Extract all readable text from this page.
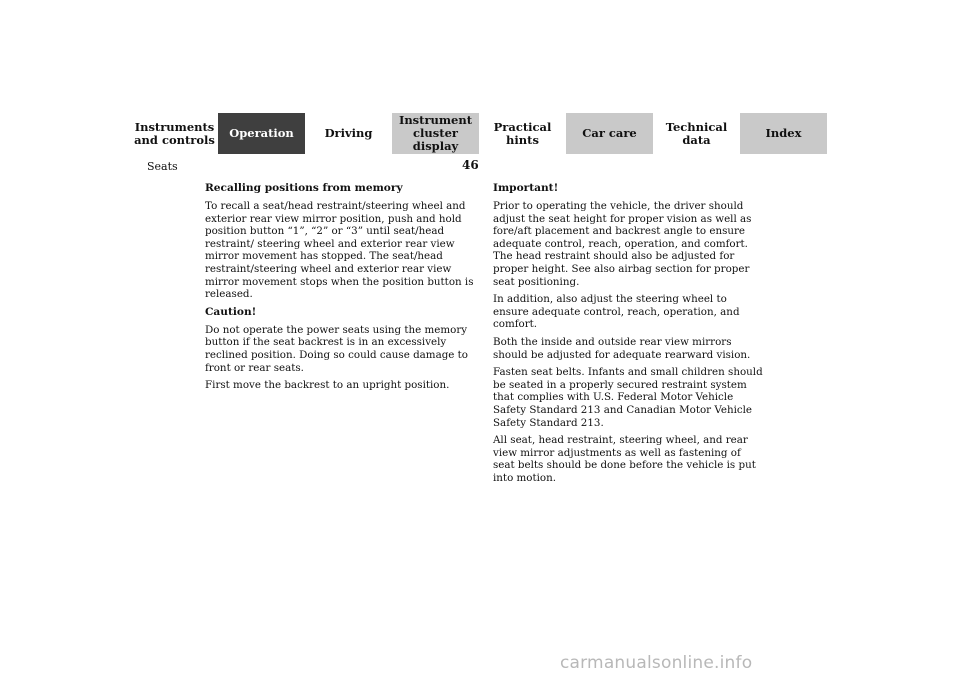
Instruments
and controls Operation	Driving
Instrument
cluster display
Practical hints	Car care	Technical
data	Index
Seats	46
Recalling positions from memory

To recall a seat/head restraint/steering wheel and exterior rear view mirror position, push and hold position button “1”, “2” or “3” until seat/head restraint/ steering wheel and exterior rear view mirror movement has stopped. The seat/head restraint/steering wheel and exterior rear view mirror movement stops when the position button is released.

Caution!

Do not operate the power seats using the memory button if the seat backrest is in an excessively reclined position. Doing so could cause damage to front or rear seats.

First move the backrest to an upright position.

Important!

Prior to operating the vehicle, the driver should adjust the seat height for proper vision as well as fore/aft placement and backrest angle to ensure adequate control, reach, operation, and comfort. The head restraint should also be adjusted for proper height. See also airbag section for proper seat positioning.

In addition, also adjust the steering wheel to ensure adequate control, reach, operation, and comfort.

Both the inside and outside rear view mirrors should be adjusted for adequate rearward vision.

Fasten seat belts. Infants and small children should be seated in a properly secured restraint system that complies with U.S. Federal Motor Vehicle Safety Standard 213 and Canadian Motor Vehicle Safety Standard 213.

All seat, head restraint, steering wheel, and rear view mirror adjustments as well as fastening of seat belts should be done before the vehicle is put into motion.

carmanualsonline.info
